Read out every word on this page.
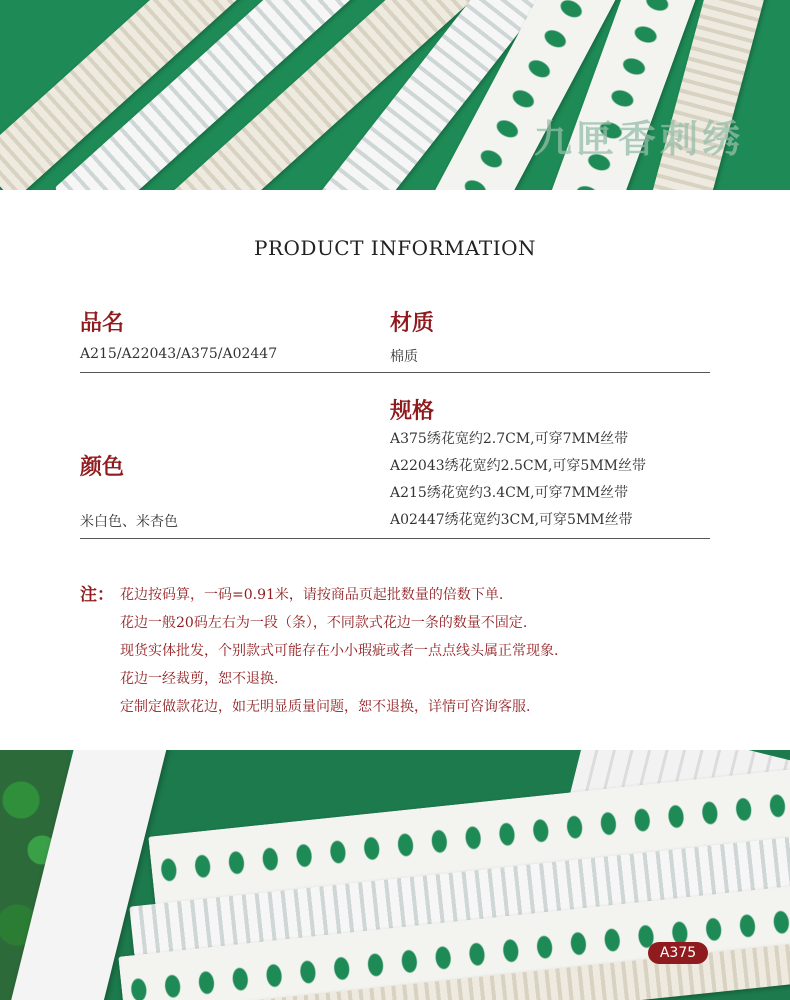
九匣香刺绣
PRODUCT INFORMATION
品名
A215/A22043/A375/A02447
材质
棉质
规格
A375绣花宽约2.7CM,可穿7MM丝带
A22043绣花宽约2.5CM,可穿5MM丝带
A215绣花宽约3.4CM,可穿7MM丝带
A02447绣花宽约3CM,可穿5MM丝带
颜色
米白色、米杏色
注： 花边按码算，一码=0.91米，请按商品页起批数量的倍数下单.
花边一般20码左右为一段（条），不同款式花边一条的数量不固定.
现货实体批发，个别款式可能存在小小瑕疵或者一点点线头属正常现象.
花边一经裁剪，恕不退换.
定制定做款花边，如无明显质量问题，恕不退换，详情可咨询客服.
A375
